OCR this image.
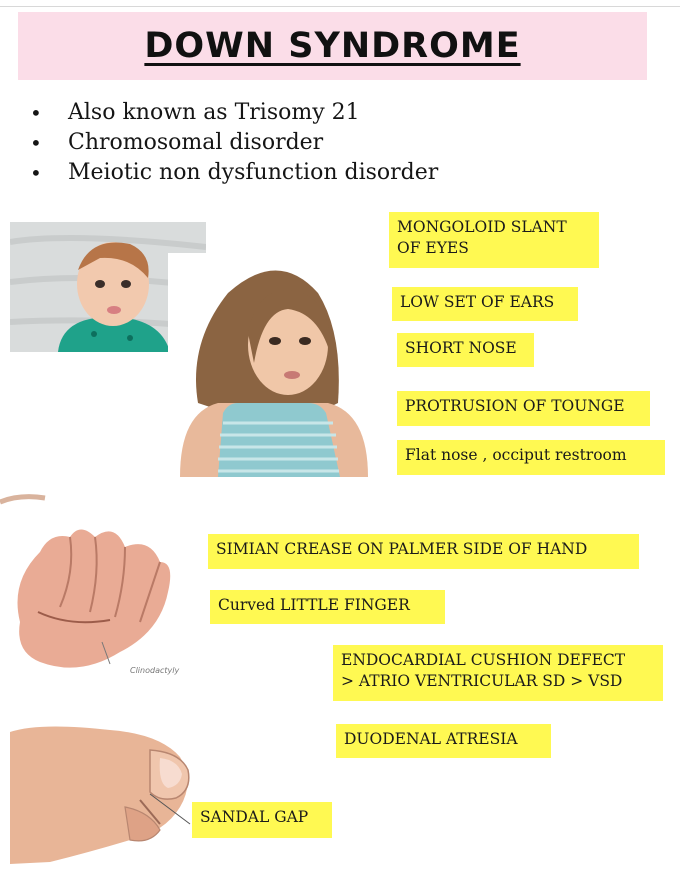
DOWN SYNDROME
• Also known as Trisomy 21
• Chromosomal disorder
• Meiotic non dysfunction disorder
Clinodactyly
MONGOLOID SLANT
OF EYES
LOW SET OF EARS
SHORT NOSE
PROTRUSION OF TOUNGE
Flat nose , occiput restroom
SIMIAN CREASE ON PALMER SIDE OF HAND
Curved LITTLE FINGER
ENDOCARDIAL CUSHION DEFECT
> ATRIO VENTRICULAR SD > VSD
DUODENAL ATRESIA
SANDAL GAP
